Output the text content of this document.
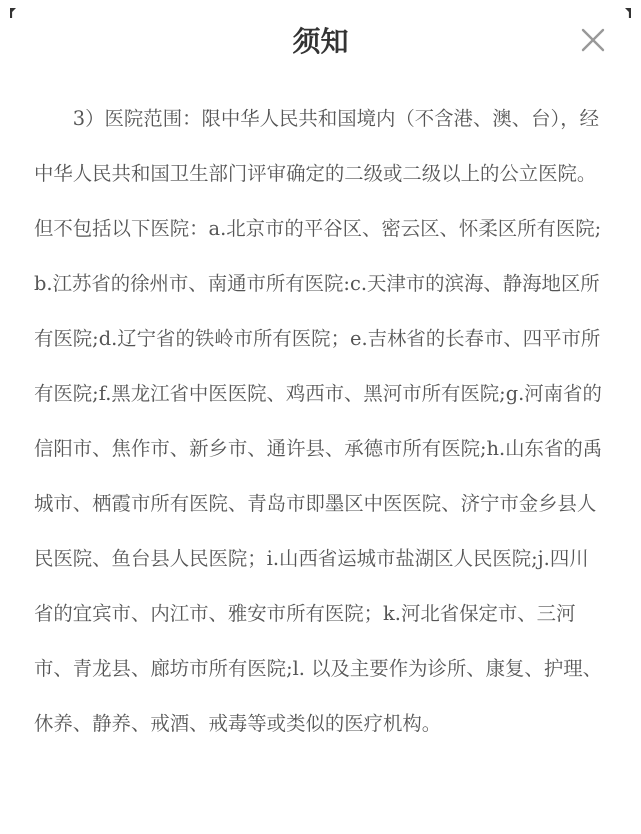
须知

3）医院范围：限中华人民共和国境内（不含港、澳、台），经中华人民共和国卫生部门评审确定的二级或二级以上的公立医院。但不包括以下医院：a.北京市的平谷区、密云区、怀柔区所有医院;b.江苏省的徐州市、南通市所有医院:c.天津市的滨海、静海地区所有医院;d.辽宁省的铁岭市所有医院；e.吉林省的长春市、四平市所有医院;f.黑龙江省中医医院、鸡西市、黑河市所有医院;g.河南省的信阳市、焦作市、新乡市、通许县、承德市所有医院;h.山东省的禹城市、栖霞市所有医院、青岛市即墨区中医医院、济宁市金乡县人民医院、鱼台县人民医院；i.山西省运城市盐湖区人民医院;j.四川省的宜宾市、内江市、雅安市所有医院；k.河北省保定市、三河市、青龙县、廊坊市所有医院;l. 以及主要作为诊所、康复、护理、休养、静养、戒酒、戒毒等或类似的医疗机构。
